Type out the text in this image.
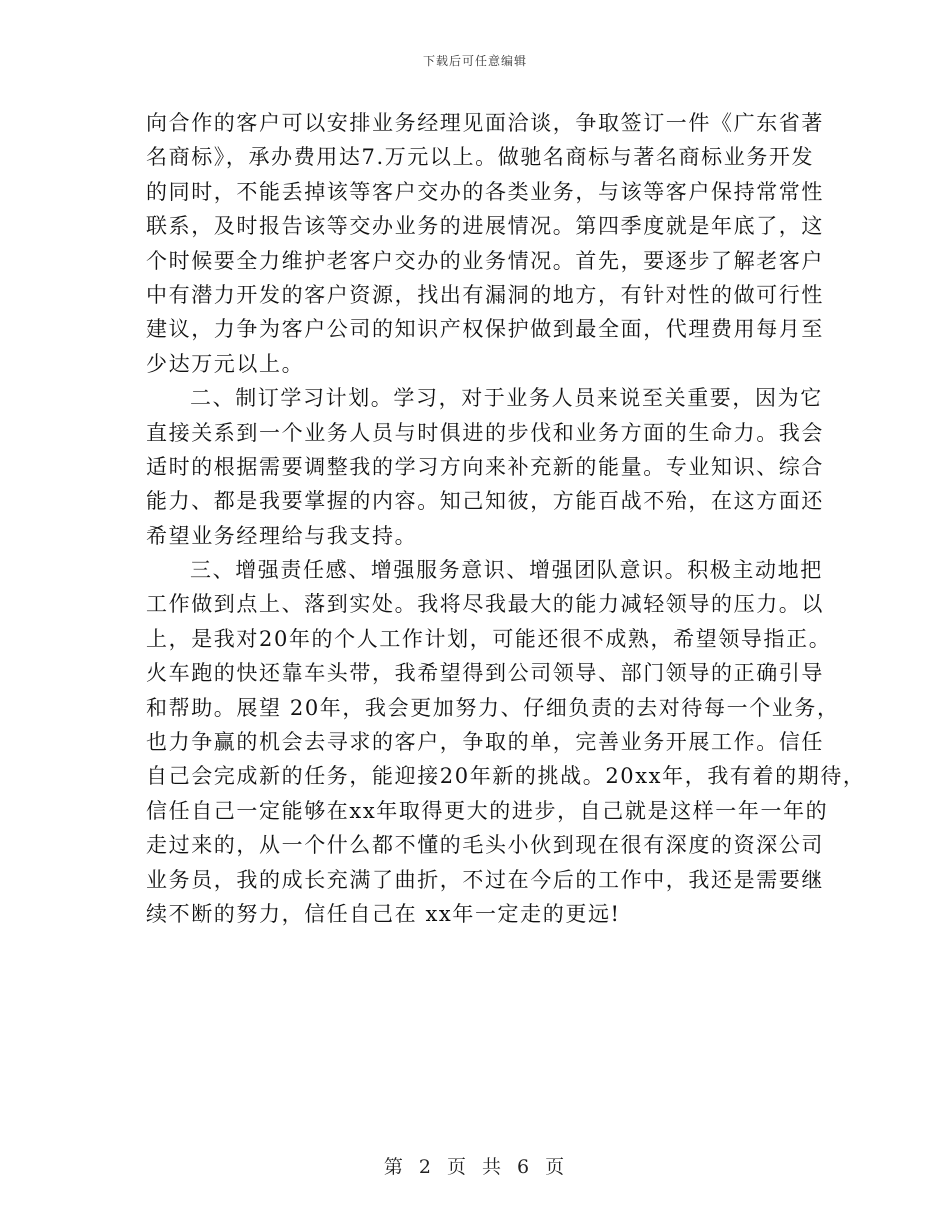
下载后可任意编辑
向合作的客户可以安排业务经理见面洽谈，争取签订一件《广东省著
名商标》，承办费用达7.万元以上。做驰名商标与著名商标业务开发
的同时，不能丢掉该等客户交办的各类业务，与该等客户保持常常性
联系，及时报告该等交办业务的进展情况。第四季度就是年底了，这
个时候要全力维护老客户交办的业务情况。首先，要逐步了解老客户
中有潜力开发的客户资源，找出有漏洞的地方，有针对性的做可行性
建议，力争为客户公司的知识产权保护做到最全面，代理费用每月至
少达万元以上。
二、制订学习计划。学习，对于业务人员来说至关重要，因为它
直接关系到一个业务人员与时俱进的步伐和业务方面的生命力。我会
适时的根据需要调整我的学习方向来补充新的能量。专业知识、综合
能力、都是我要掌握的内容。知己知彼，方能百战不殆，在这方面还
希望业务经理给与我支持。
三、增强责任感、增强服务意识、增强团队意识。积极主动地把
工作做到点上、落到实处。我将尽我最大的能力减轻领导的压力。以
上，是我对20年的个人工作计划，可能还很不成熟，希望领导指正。
火车跑的快还靠车头带，我希望得到公司领导、部门领导的正确引导
和帮助。展望 20年，我会更加努力、仔细负责的去对待每一个业务，
也力争赢的机会去寻求的客户，争取的单，完善业务开展工作。信任
自己会完成新的任务，能迎接20年新的挑战。20xx年，我有着的期待，
信任自己一定能够在xx年取得更大的进步，自己就是这样一年一年的
走过来的，从一个什么都不懂的毛头小伙到现在很有深度的资深公司
业务员，我的成长充满了曲折，不过在今后的工作中，我还是需要继
续不断的努力，信任自己在 xx年一定走的更远!
第 2 页 共 6 页
